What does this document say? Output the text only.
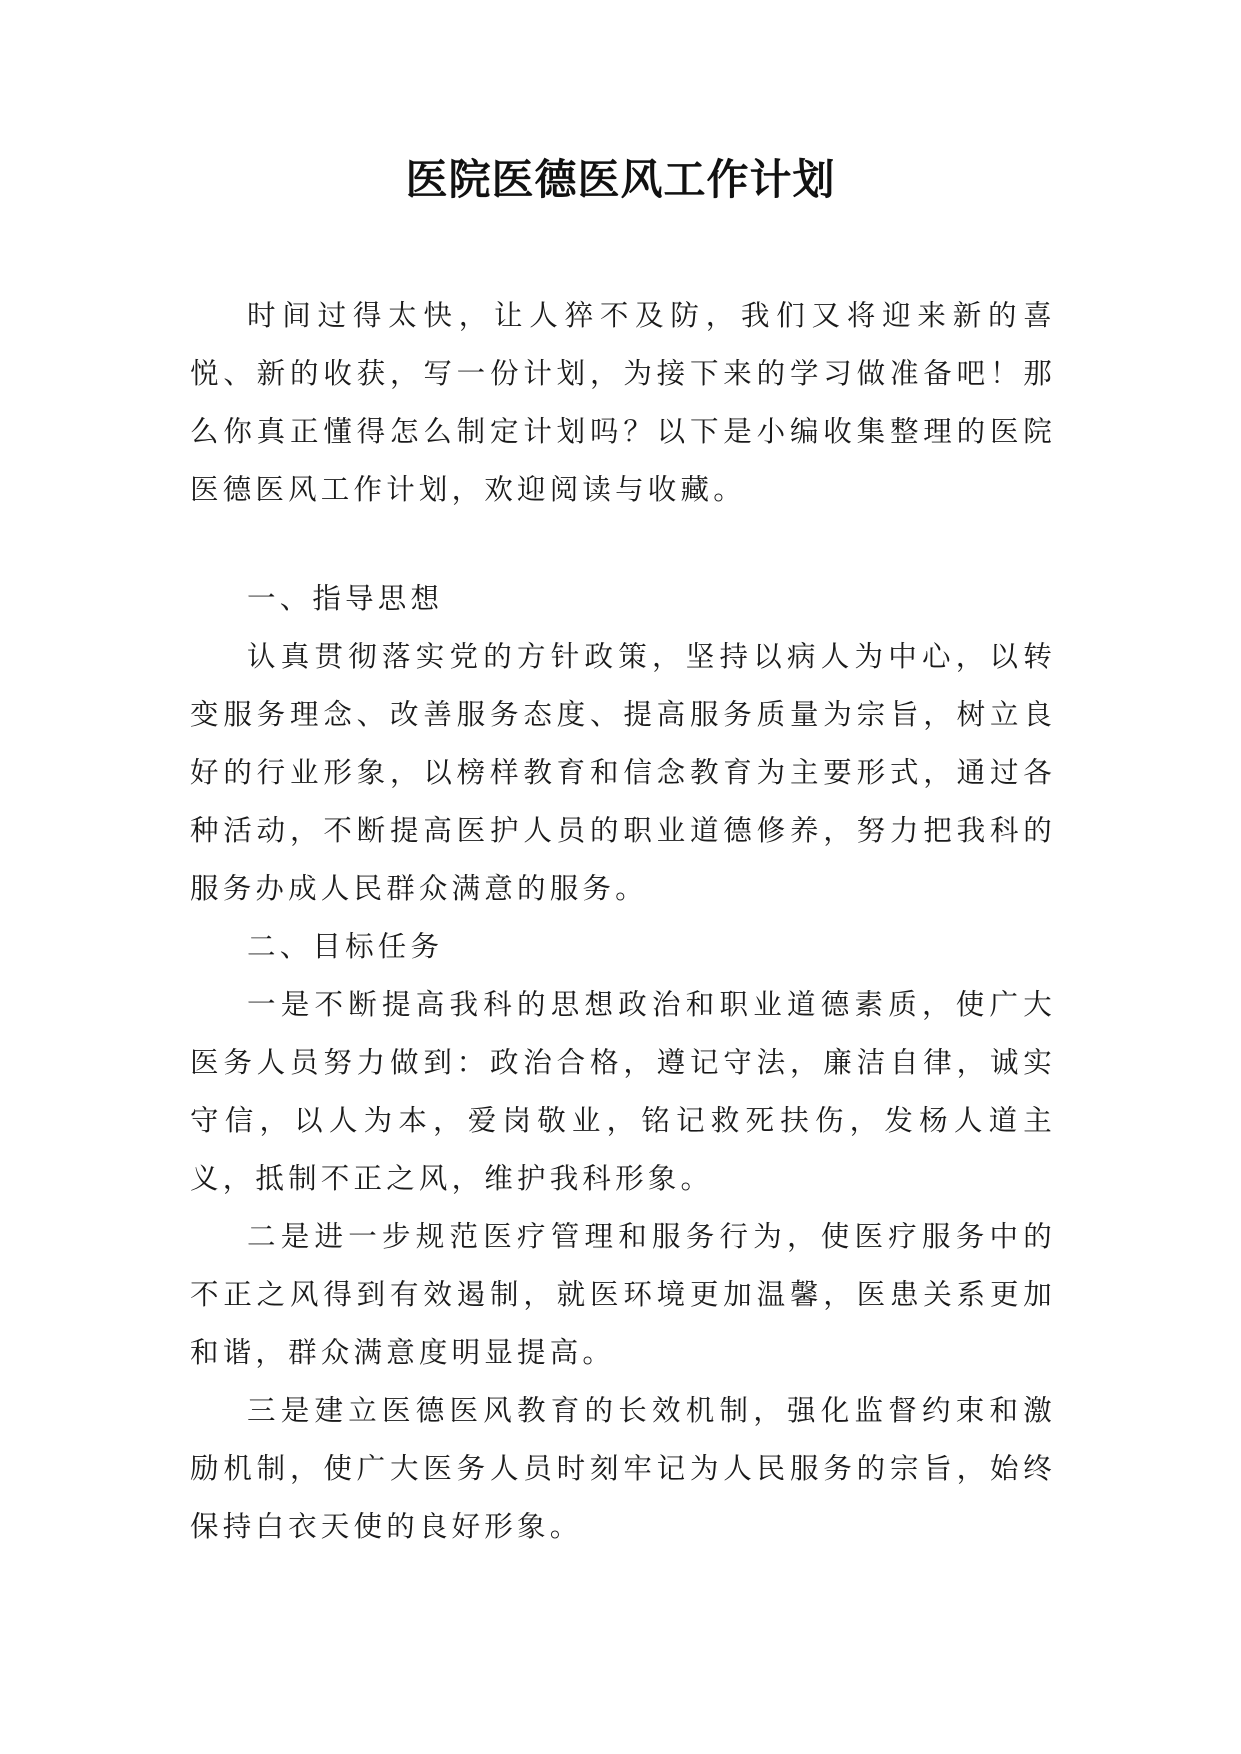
医院医德医风工作计划

时间过得太快，让人猝不及防，我们又将迎来新的喜悦、新的收获，写一份计划，为接下来的学习做准备吧！那么你真正懂得怎么制定计划吗？以下是小编收集整理的医院医德医风工作计划，欢迎阅读与收藏。

一、指导思想

认真贯彻落实党的方针政策，坚持以病人为中心，以转变服务理念、改善服务态度、提高服务质量为宗旨，树立良好的行业形象，以榜样教育和信念教育为主要形式，通过各种活动，不断提高医护人员的职业道德修养，努力把我科的服务办成人民群众满意的服务。

二、目标任务

一是不断提高我科的思想政治和职业道德素质，使广大医务人员努力做到：政治合格，遵记守法，廉洁自律，诚实守信，以人为本，爱岗敬业，铭记救死扶伤，发杨人道主义，抵制不正之风，维护我科形象。

二是进一步规范医疗管理和服务行为，使医疗服务中的不正之风得到有效遏制，就医环境更加温馨，医患关系更加和谐，群众满意度明显提高。

三是建立医德医风教育的长效机制，强化监督约束和激励机制，使广大医务人员时刻牢记为人民服务的宗旨，始终保持白衣天使的良好形象。
